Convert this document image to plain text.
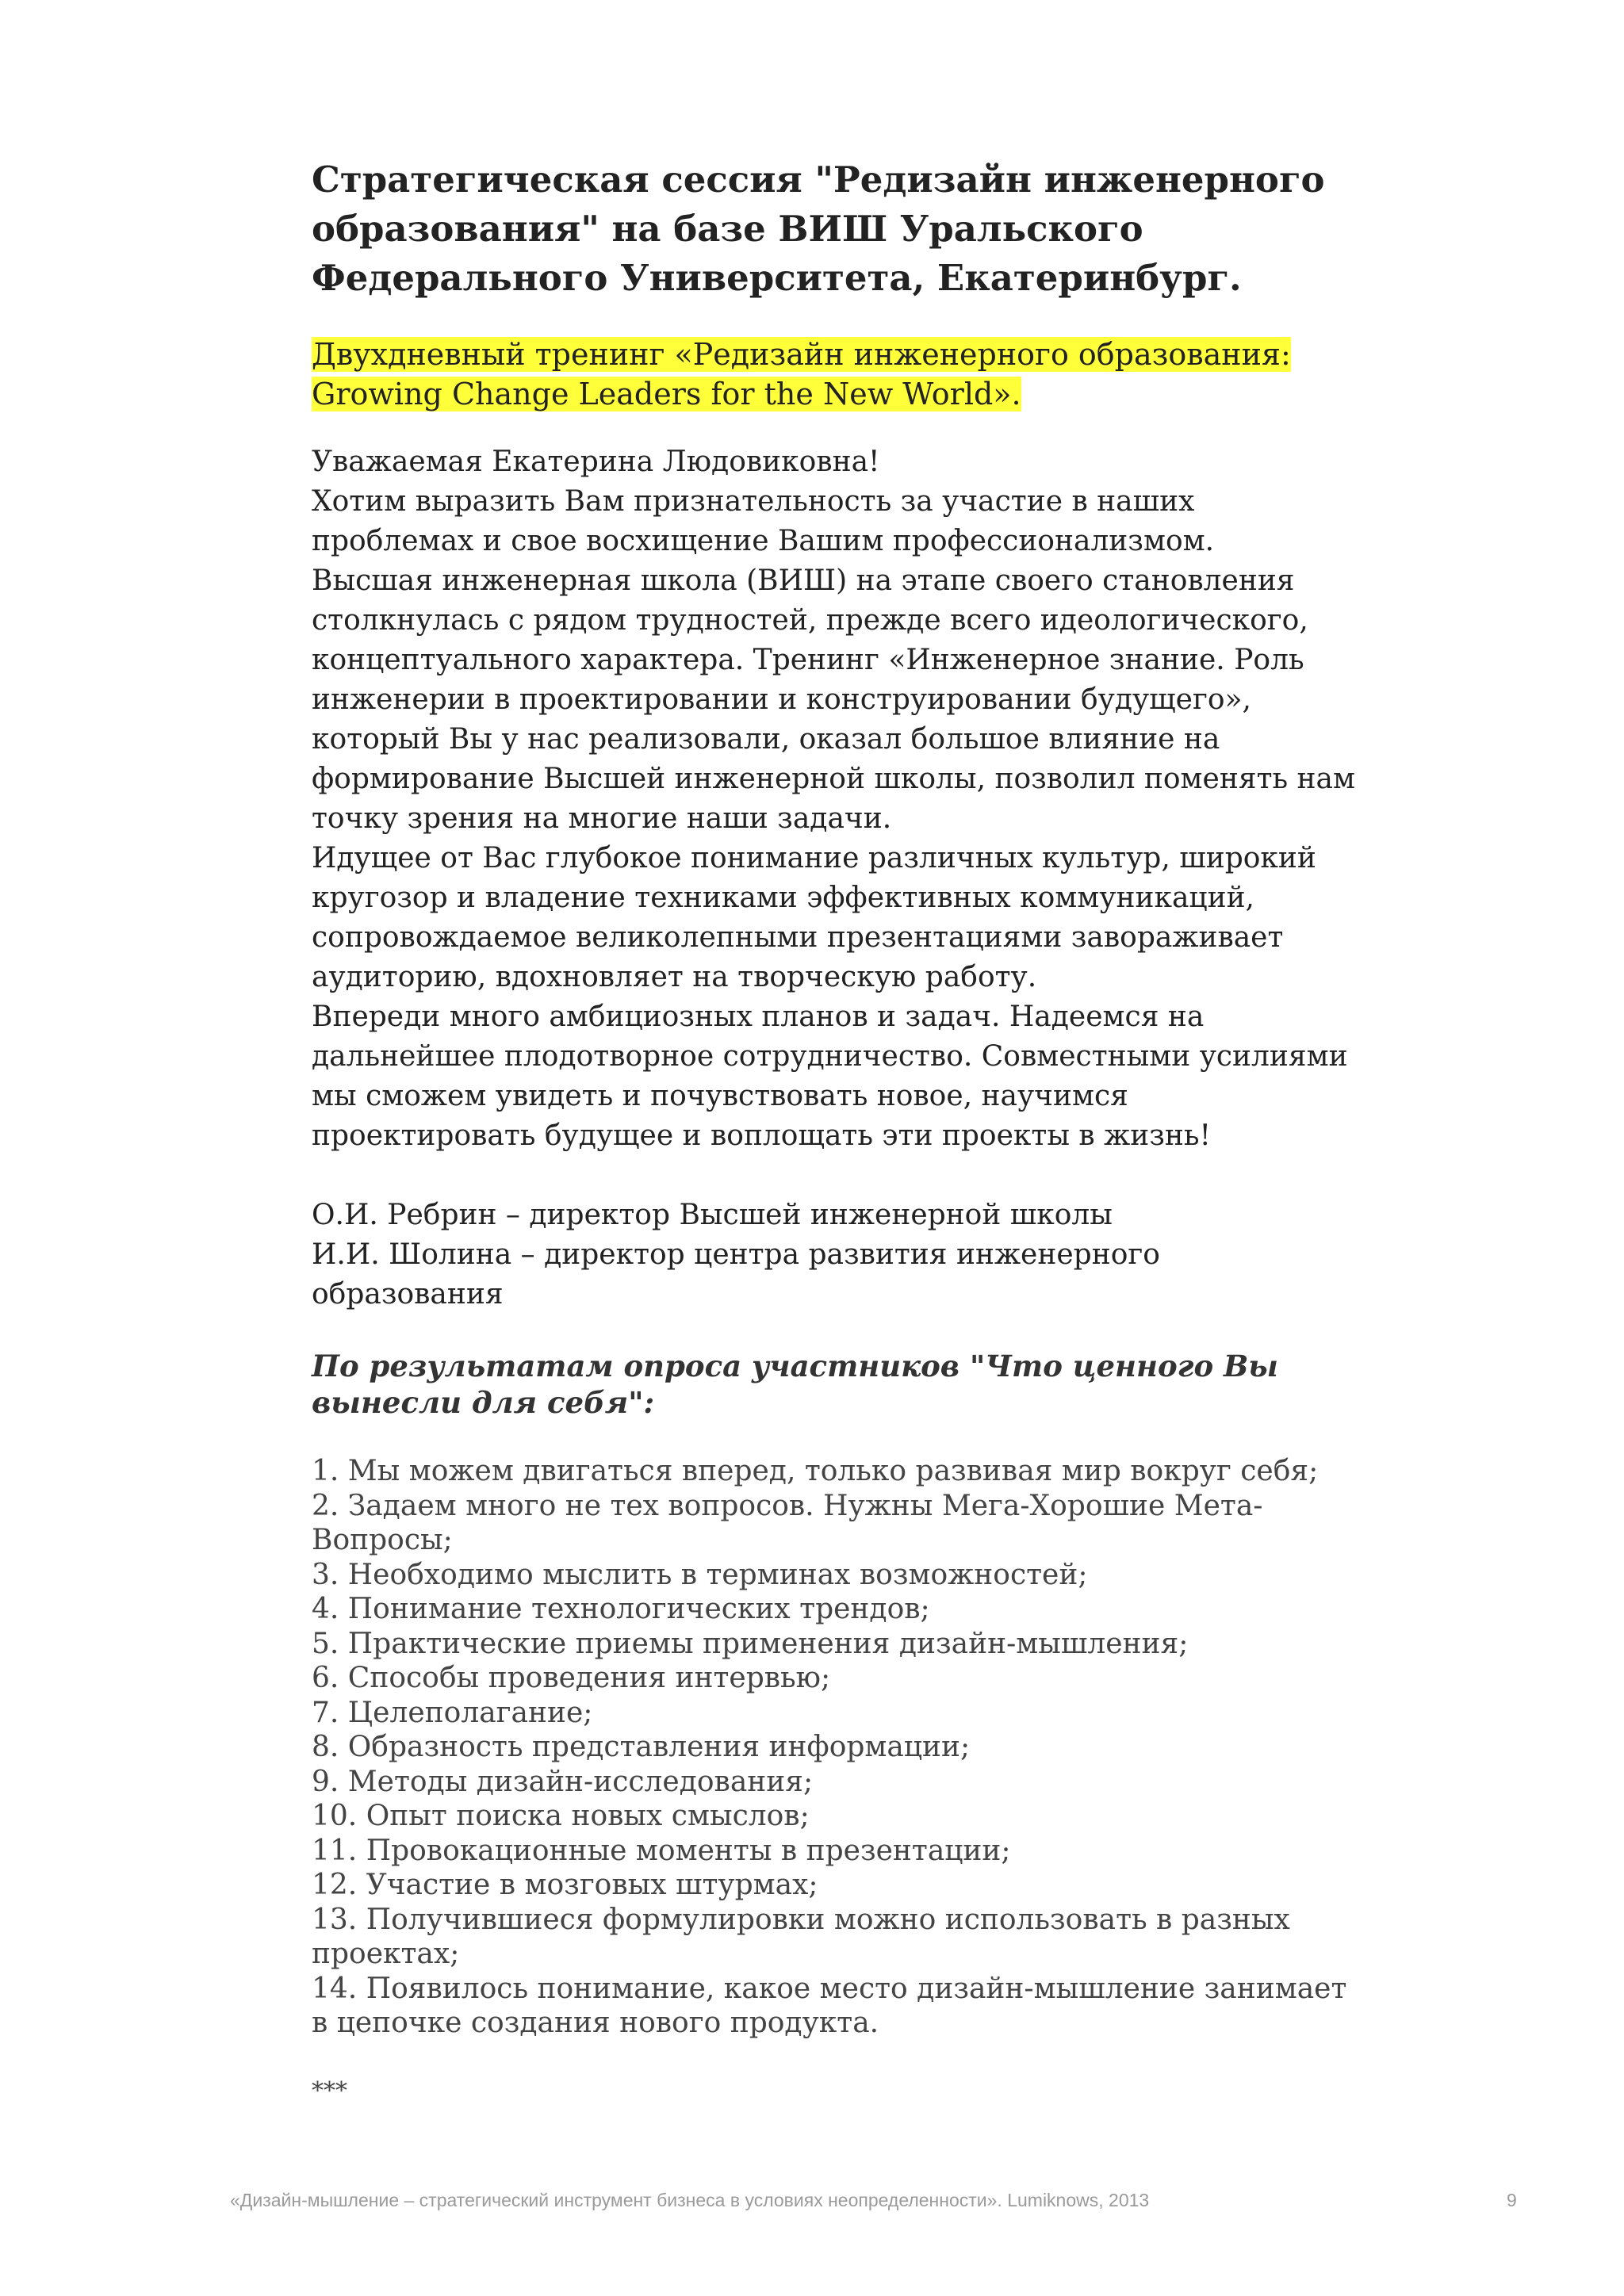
Стратегическая сессия "Редизайн инженерного образования" на базе ВИШ Уральского Федерального Университета, Екатеринбург.
Двухдневный тренинг «Редизайн инженерного образования: Growing Change Leaders for the New World».

Уважаемая Екатерина Людовиковна!

Хотим выразить Вам признательность за участие в наших проблемах и свое восхищение Вашим профессионализмом.

Высшая инженерная школа (ВИШ) на этапе своего становления столкнулась с рядом трудностей, прежде всего идеологического, концептуального характера. Тренинг «Инженерное знание. Роль инженерии в проектировании и конструировании будущего», который Вы у нас реализовали, оказал большое влияние на формирование Высшей инженерной школы, позволил поменять нам точку зрения на многие наши задачи.

Идущее от Вас глубокое понимание различных культур, широкий кругозор и владение техниками эффективных коммуникаций, сопровождаемое великолепными презентациями завораживает аудиторию, вдохновляет на творческую работу.

Впереди много амбициозных планов и задач. Надеемся на дальнейшее плодотворное сотрудничество. Совместными усилиями мы сможем увидеть и почувствовать новое, научимся проектировать будущее и воплощать эти проекты в жизнь!

О.И. Ребрин – директор Высшей инженерной школы

И.И. Шолина – директор центра развития инженерного образования

По результатам опроса участников "Что ценного Вы вынесли для себя":
1. Мы можем двигаться вперед, только развивая мир вокруг себя;
2. Задаем много не тех вопросов. Нужны Мега-Хорошие Мета-Вопросы;
3. Необходимо мыслить в терминах возможностей;
4. Понимание технологических трендов;
5. Практические приемы применения дизайн-мышления;
6. Способы проведения интервью;
7. Целеполагание;
8. Образность представления информации;
9. Методы дизайн-исследования;
10. Опыт поиска новых смыслов;
11. Провокационные моменты в презентации;
12. Участие в мозговых штурмах;
13. Получившиеся формулировки можно использовать в разных проектах;
14. Появилось понимание, какое место дизайн-мышление занимает в цепочке создания нового продукта.
***
«Дизайн-мышление – стратегический инструмент бизнеса в условиях неопределенности». Lumiknows, 2013	9
